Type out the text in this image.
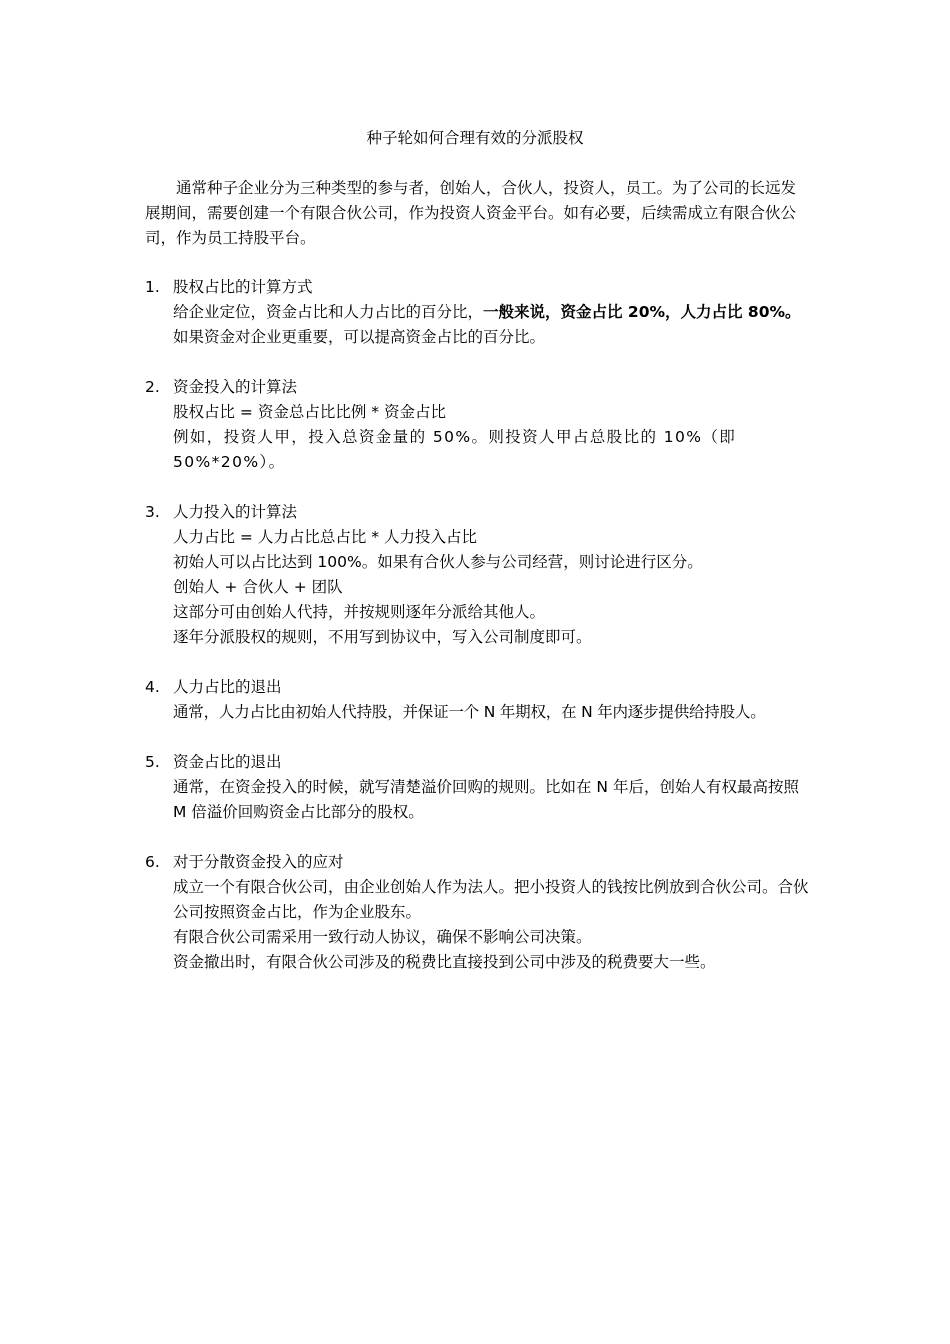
种子轮如何合理有效的分派股权
通常种子企业分为三种类型的参与者，创始人，合伙人，投资人，员工。为了公司的长远发展期间，需要创建一个有限合伙公司，作为投资人资金平台。如有必要，后续需成立有限合伙公司，作为员工持股平台。
1. 股权占比的计算方式
给企业定位，资金占比和人力占比的百分比，一般来说，资金占比 20%，人力占比 80%。如果资金对企业更重要，可以提高资金占比的百分比。
2. 资金投入的计算法
股权占比 = 资金总占比比例 * 资金占比
例如，投资人甲，投入总资金量的 50%。则投资人甲占总股比的 10%（即 50%*20%）。
3. 人力投入的计算法
人力占比 = 人力占比总占比 * 人力投入占比
初始人可以占比达到 100%。如果有合伙人参与公司经营，则讨论进行区分。
创始人 + 合伙人 + 团队
这部分可由创始人代持，并按规则逐年分派给其他人。
逐年分派股权的规则，不用写到协议中，写入公司制度即可。
4. 人力占比的退出
通常，人力占比由初始人代持股，并保证一个 N 年期权，在 N 年内逐步提供给持股人。
5. 资金占比的退出
通常，在资金投入的时候，就写清楚溢价回购的规则。比如在 N 年后，创始人有权最高按照 M 倍溢价回购资金占比部分的股权。
6. 对于分散资金投入的应对
成立一个有限合伙公司，由企业创始人作为法人。把小投资人的钱按比例放到合伙公司。合伙公司按照资金占比，作为企业股东。
有限合伙公司需采用一致行动人协议，确保不影响公司决策。
资金撤出时，有限合伙公司涉及的税费比直接投到公司中涉及的税费要大一些。
